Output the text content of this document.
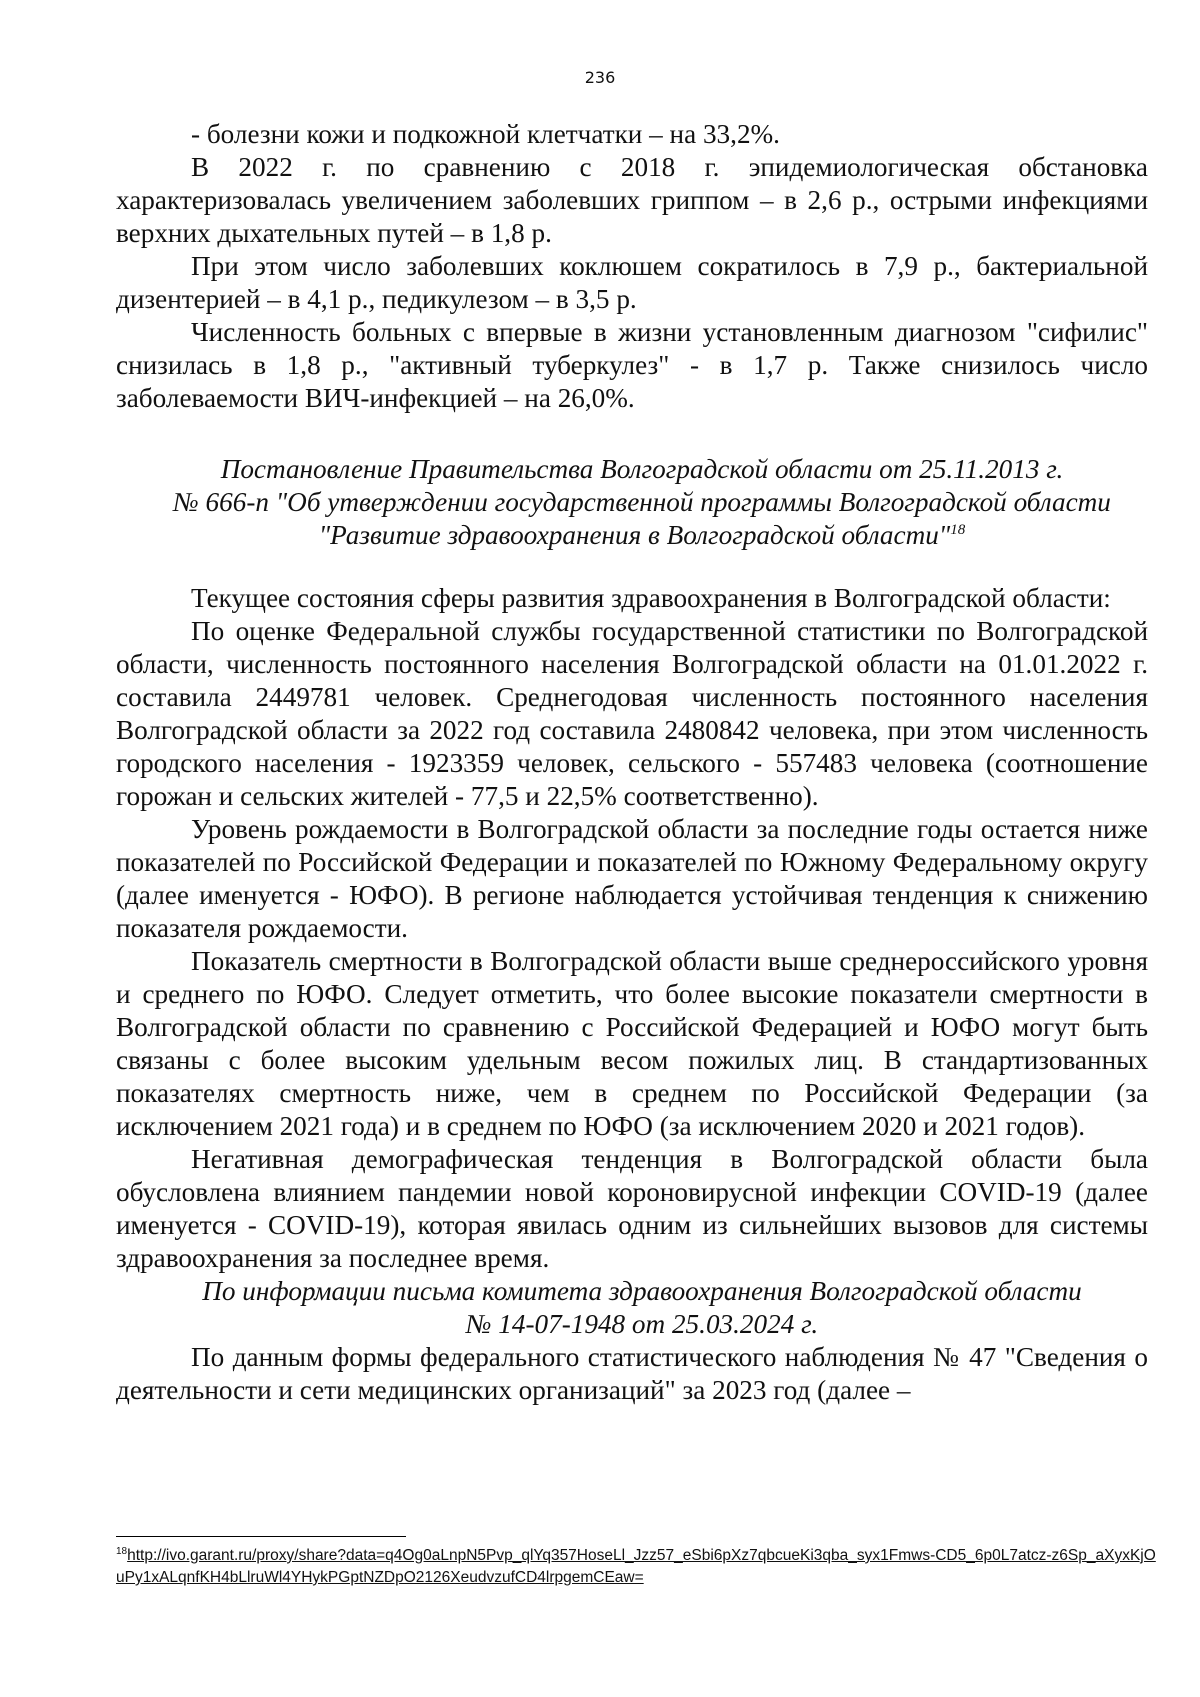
236

- болезни кожи и подкожной клетчатки – на 33,2%.

В 2022 г. по сравнению с 2018 г. эпидемиологическая обстановка характеризовалась увеличением заболевших гриппом – в 2,6 р., острыми инфекциями верхних дыхательных путей – в 1,8 р.

При этом число заболевших коклюшем сократилось в 7,9 р., бактериальной дизентерией – в 4,1 р., педикулезом – в 3,5 р.

Численность больных с впервые в жизни установленным диагнозом "сифилис" снизилась в 1,8 р., "активный туберкулез" - в 1,7 р. Также снизилось число заболеваемости ВИЧ-инфекцией – на 26,0%.

Постановление Правительства Волгоградской области от 25.11.2013 г.
№ 666-п "Об утверждении государственной программы Волгоградской области
"Развитие здравоохранения в Волгоградской области"$^{18}$

Текущее состояния сферы развития здравоохранения в Волгоградской области:

По оценке Федеральной службы государственной статистики по Волгоградской области, численность постоянного населения Волгоградской области на 01.01.2022 г. составила 2449781 человек. Среднегодовая численность постоянного населения Волгоградской области за 2022 год составила 2480842 человека, при этом численность городского населения - 1923359 человек, сельского - 557483 человека (соотношение горожан и сельских жителей - 77,5 и 22,5% соответственно).

Уровень рождаемости в Волгоградской области за последние годы остается ниже показателей по Российской Федерации и показателей по Южному Федеральному округу (далее именуется - ЮФО). В регионе наблюдается устойчивая тенденция к снижению показателя рождаемости.

Показатель смертности в Волгоградской области выше среднероссийского уровня и среднего по ЮФО. Следует отметить, что более высокие показатели смертности в Волгоградской области по сравнению с Российской Федерацией и ЮФО могут быть связаны с более высоким удельным весом пожилых лиц. В стандартизованных показателях смертность ниже, чем в среднем по Российской Федерации (за исключением 2021 года) и в среднем по ЮФО (за исключением 2020 и 2021 годов).

Негативная демографическая тенденция в Волгоградской области была обусловлена влиянием пандемии новой короновирусной инфекции COVID-19 (далее именуется - COVID-19), которая явилась одним из сильнейших вызовов для системы здравоохранения за последнее время.

По информации письма комитета здравоохранения Волгоградской области
№ 14-07-1948 от 25.03.2024 г.

По данным формы федерального статистического наблюдения № 47 "Сведения о деятельности и сети медицинских организаций" за 2023 год (далее –

$^{18}$http://ivo.garant.ru/proxy/share?data=q4Og0aLnpN5Pvp_qlYq357HoseLl_Jzz57_eSbi6pXz7qbcueKi3qba_syx1Fmws-CD5_6p0L7atcz-z6Sp_aXyxKjOuPy1xALqnfKH4bLlruWl4YHykPGptNZDpO2126XeudvzufCD4lrpgemCEaw=
